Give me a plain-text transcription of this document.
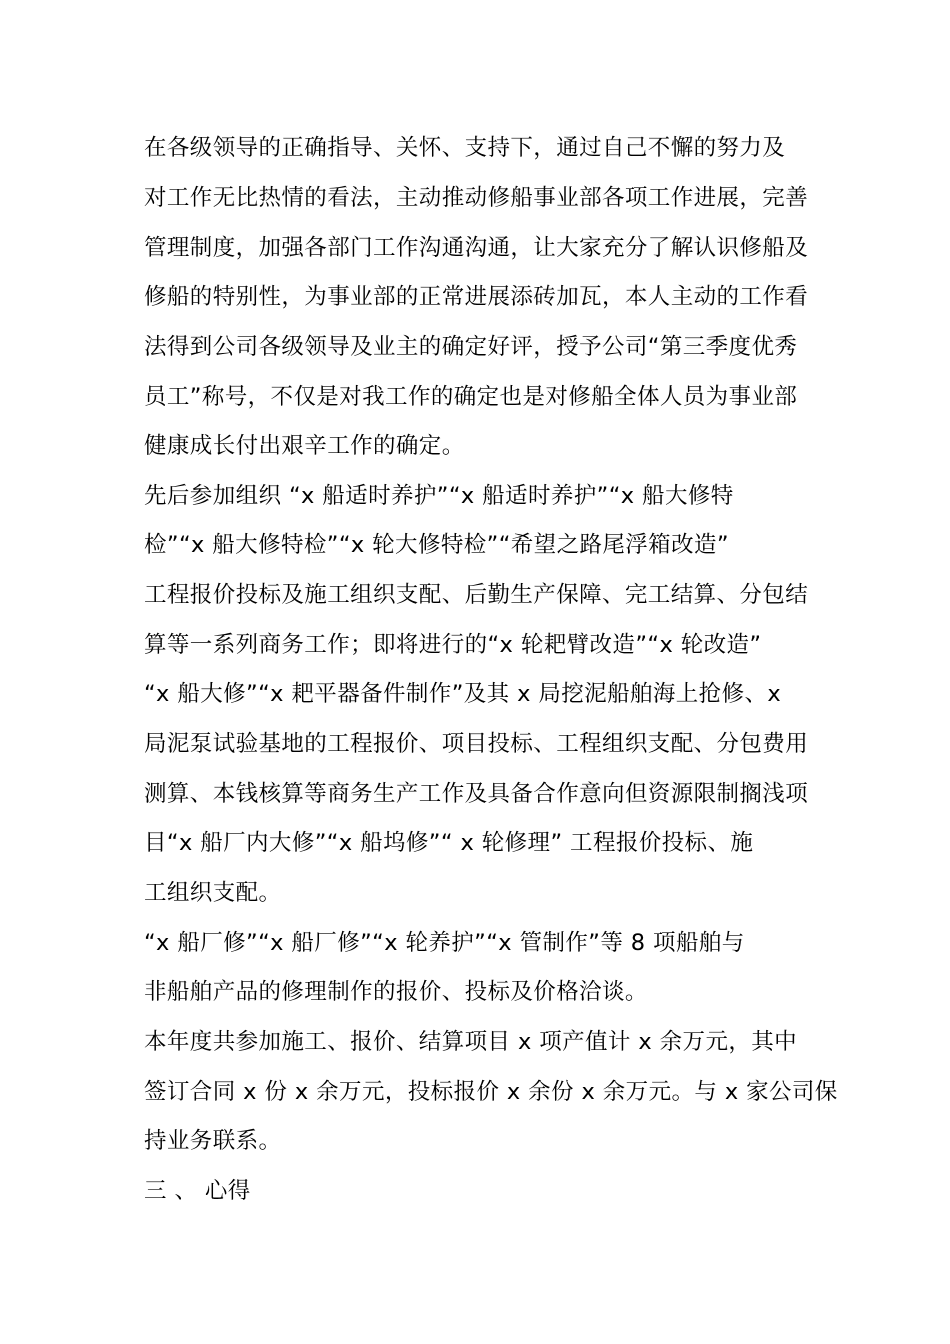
在各级领导的正确指导、关怀、支持下，通过自己不懈的努力及
对工作无比热情的看法，主动推动修船事业部各项工作进展，完善
管理制度，加强各部门工作沟通沟通，让大家充分了解认识修船及
修船的特别性，为事业部的正常进展添砖加瓦，本人主动的工作看
法得到公司各级领导及业主的确定好评，授予公司“第三季度优秀
员工”称号，不仅是对我工作的确定也是对修船全体人员为事业部
健康成长付出艰辛工作的确定。
先后参加组织 “x 船适时养护”“x 船适时养护”“x 船大修特
检”“x 船大修特检”“x 轮大修特检”“希望之路尾浮箱改造”
工程报价投标及施工组织支配、后勤生产保障、完工结算、分包结
算等一系列商务工作；即将进行的“x 轮耙臂改造”“x 轮改造”
“x 船大修”“x 耙平器备件制作”及其 x 局挖泥船舶海上抢修、x
局泥泵试验基地的工程报价、项目投标、工程组织支配、分包费用
测算、本钱核算等商务生产工作及具备合作意向但资源限制搁浅项
目“x 船厂内大修”“x 船坞修”“ x 轮修理” 工程报价投标、施
工组织支配。
“x 船厂修”“x 船厂修”“x 轮养护”“x 管制作”等 8 项船舶与
非船舶产品的修理制作的报价、投标及价格洽谈。
本年度共参加施工、报价、结算项目 x 项产值计 x 余万元，其中
签订合同 x 份 x 余万元，投标报价 x 余份 x 余万元。与 x 家公司保
持业务联系。
三 、 心得
